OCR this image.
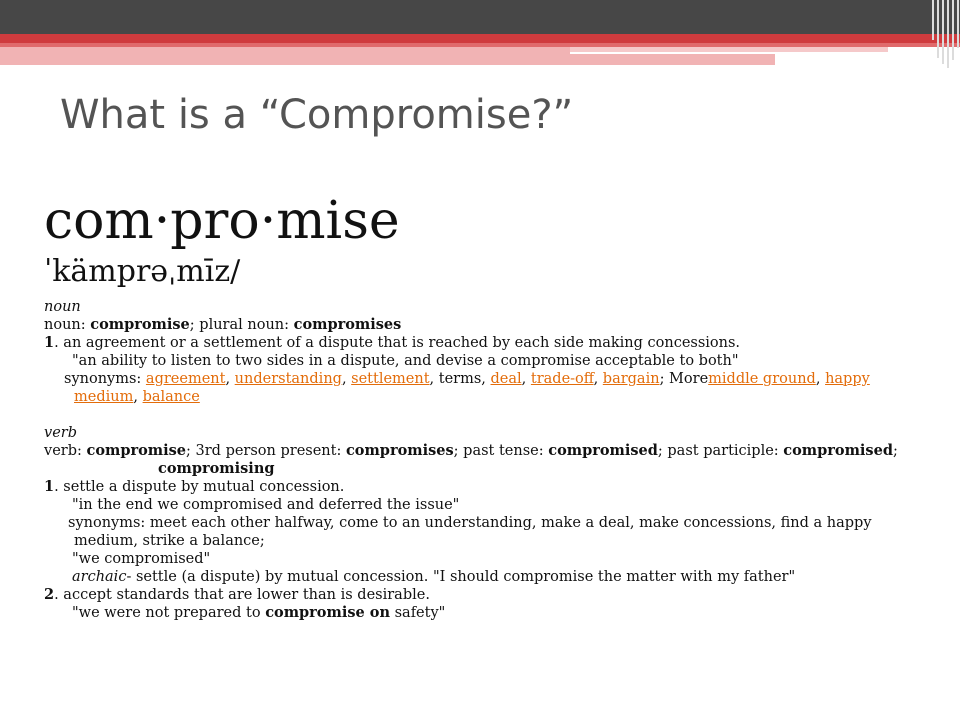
What is a “Compromise?”
com·pro·mise
ˈkämprəˌmīz/

noun

noun: compromise; plural noun: compromises

1. an agreement or a settlement of a dispute that is reached by each side making concessions.

"an ability to listen to two sides in a dispute, and devise a compromise acceptable to both"

synonyms: agreement, understanding, settlement, terms, deal, trade-off, bargain; Moremiddle ground, happy medium, balance

verb

verb: compromise; 3rd person present: compromises; past tense: compromised; past participle: compromised; compromising

1. settle a dispute by mutual concession.

"in the end we compromised and deferred the issue"

synonyms: meet each other halfway, come to an understanding, make a deal, make concessions, find a happy medium, strike a balance;

"we compromised"

archaic- settle (a dispute) by mutual concession. "I should compromise the matter with my father"

2. accept standards that are lower than is desirable.

"we were not prepared to compromise on safety"
